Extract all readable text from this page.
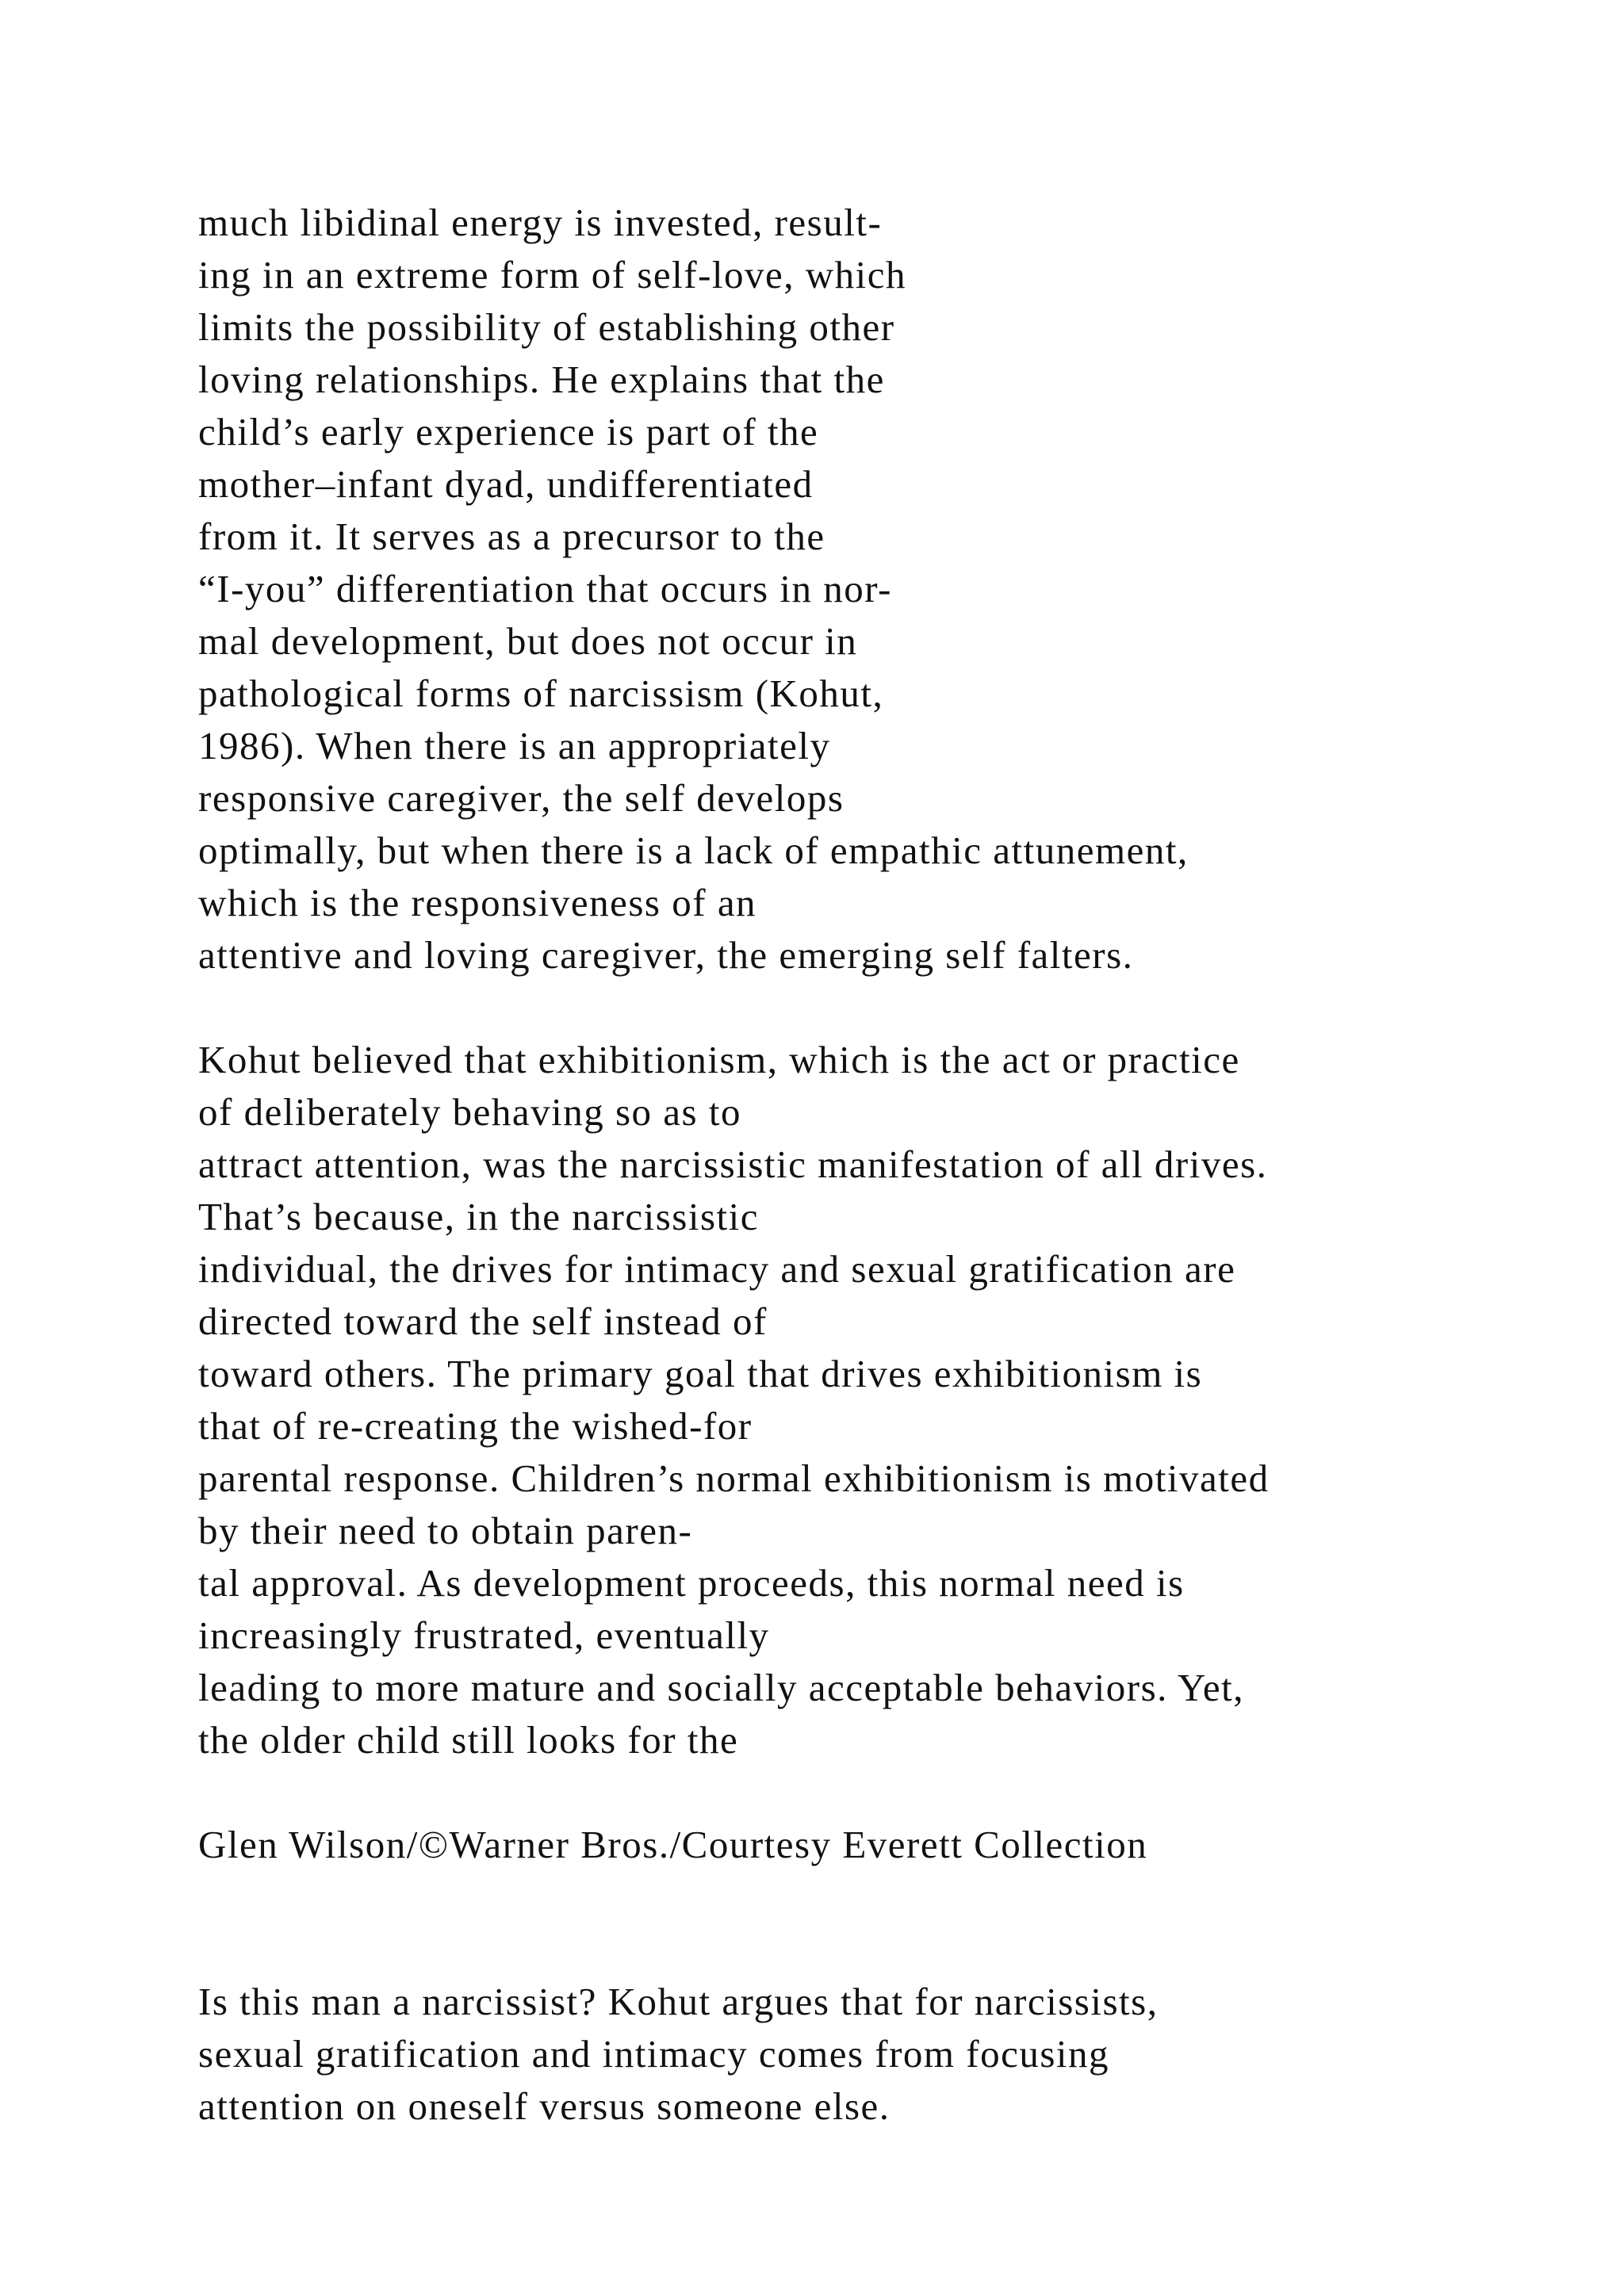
much libidinal energy is invested, result-
ing in an extreme form of self-love, which
limits the possibility of establishing other
loving relationships. He explains that the
child’s early experience is part of the
mother–infant dyad, undifferentiated
from it. It serves as a precursor to the
“I-you” differentiation that occurs in nor-
mal development, but does not occur in
pathological forms of narcissism (Kohut,
1986). When there is an appropriately
responsive caregiver, the self develops
optimally, but when there is a lack of empathic attunement,
which is the responsiveness of an
attentive and loving caregiver, the emerging self falters.
Kohut believed that exhibitionism, which is the act or practice
of deliberately behaving so as to
attract attention, was the narcissistic manifestation of all drives.
That’s because, in the narcissistic
individual, the drives for intimacy and sexual gratification are
directed toward the self instead of
toward others. The primary goal that drives exhibitionism is
that of re-creating the wished-for
parental response. Children’s normal exhibitionism is motivated
by their need to obtain paren-
tal approval. As development proceeds, this normal need is
increasingly frustrated, eventually
leading to more mature and socially acceptable behaviors. Yet,
the older child still looks for the
Glen Wilson/©Warner Bros./Courtesy Everett Collection
Is this man a narcissist? Kohut argues that for narcissists,
sexual gratification and intimacy comes from focusing
attention on oneself versus someone else.
